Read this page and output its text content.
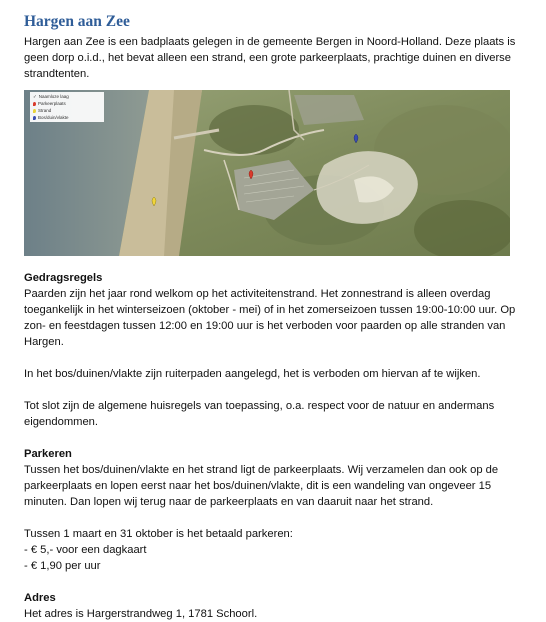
Hargen aan Zee

Hargen aan Zee is een badplaats gelegen in de gemeente Bergen in Noord-Holland. Deze plaats is geen dorp o.i.d., het bevat alleen een strand, een grote parkeerplaats, prachtige duinen en diverse strandtenten.

✓ Naamloze laag
Parkeerplaats
Strand
Bos/duin/vlakte
Gedragsregels

Paarden zijn het jaar rond welkom op het activiteitenstrand. Het zonnestrand is alleen overdag toegankelijk in het winterseizoen (oktober - mei) of in het zomerseizoen tussen 19:00-10:00 uur. Op zon- en feestdagen tussen 12:00 en 19:00 uur is het verboden voor paarden op alle stranden van Hargen.

In het bos/duinen/vlakte zijn ruiterpaden aangelegd, het is verboden om hiervan af te wijken.

Tot slot zijn de algemene huisregels van toepassing, o.a. respect voor de natuur en andermans eigendommen.

Parkeren

Tussen het bos/duinen/vlakte en het strand ligt de parkeerplaats. Wij verzamelen dan ook op de parkeerplaats en lopen eerst naar het bos/duinen/vlakte, dit is een wandeling van ongeveer 15 minuten. Dan lopen wij terug naar de parkeerplaats en van daaruit naar het strand.

Tussen 1 maart en 31 oktober is het betaald parkeren:

- € 5,- voor een dagkaart

- € 1,90 per uur

Adres

Het adres is Hargerstrandweg 1, 1781 Schoorl.
